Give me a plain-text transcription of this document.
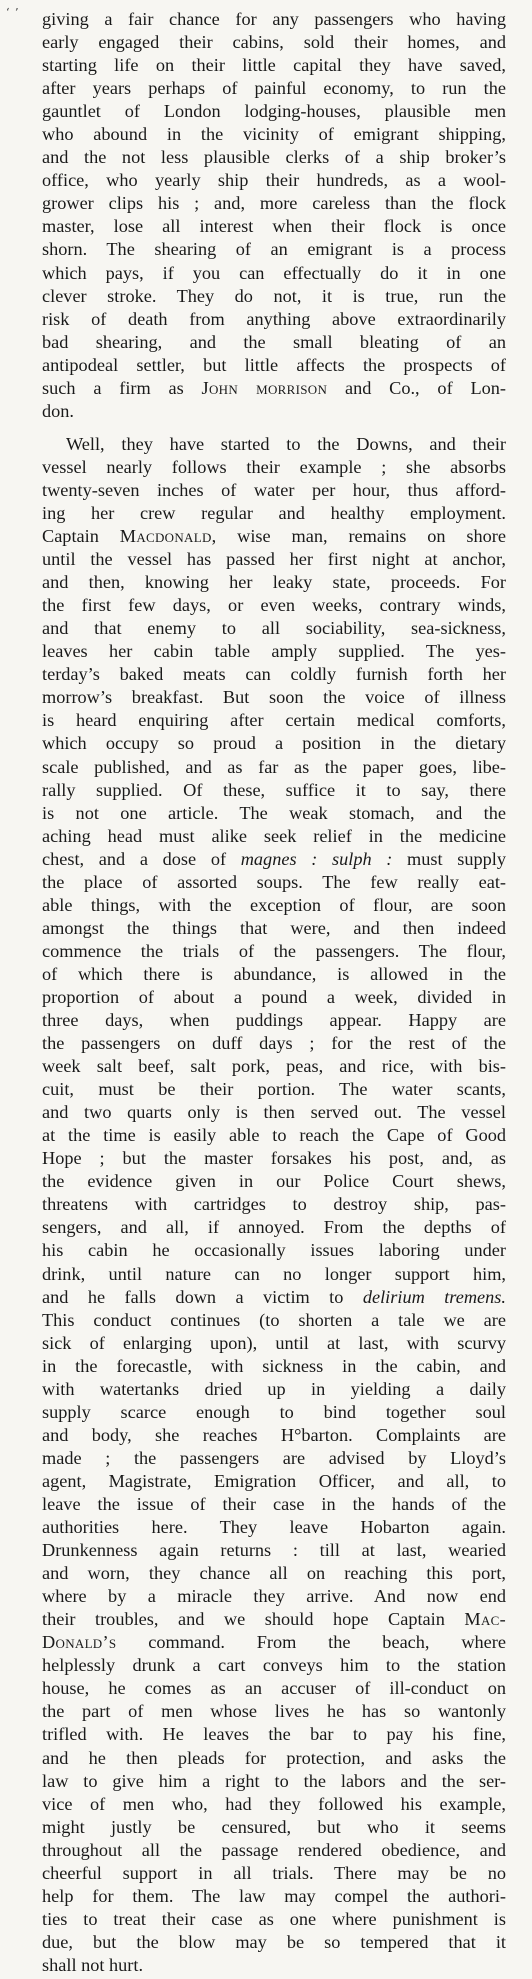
‘ ’ giving a fair chance for any passengers who having
early engaged their cabins, sold their homes, and
starting life on their little capital they have saved,
after years perhaps of painful economy, to run the
gauntlet of London lodging-houses, plausible men
who abound in the vicinity of emigrant shipping,
and the not less plausible clerks of a ship broker’s
office, who yearly ship their hundreds, as a wool-
grower clips his ; and, more careless than the flock
master, lose all interest when their flock is once
shorn. The shearing of an emigrant is a process
which pays, if you can effectually do it in one
clever stroke. They do not, it is true, run the
risk of death from anything above extraordinarily
bad shearing, and the small bleating of an
antipodeal settler, but little affects the prospects of
such a firm as John morrison and Co., of Lon-
don.
Well, they have started to the Downs, and their
vessel nearly follows their example ; she absorbs
twenty-seven inches of water per hour, thus afford-
ing her crew regular and healthy employment.
Captain Macdonald, wise man, remains on shore
until the vessel has passed her first night at anchor,
and then, knowing her leaky state, proceeds. For
the first few days, or even weeks, contrary winds,
and that enemy to all sociability, sea-sickness,
leaves her cabin table amply supplied. The yes-
terday’s baked meats can coldly furnish forth her
morrow’s breakfast. But soon the voice of illness
is heard enquiring after certain medical comforts,
which occupy so proud a position in the dietary
scale published, and as far as the paper goes, libe-
rally supplied. Of these, suffice it to say, there
is not one article. The weak stomach, and the
aching head must alike seek relief in the medicine
chest, and a dose of magnes : sulph : must supply
the place of assorted soups. The few really eat-
able things, with the exception of flour, are soon
amongst the things that were, and then indeed
commence the trials of the passengers. The flour,
of which there is abundance, is allowed in the
proportion of about a pound a week, divided in
three days, when puddings appear. Happy are
the passengers on duff days ; for the rest of the
week salt beef, salt pork, peas, and rice, with bis-
cuit, must be their portion. The water scants,
and two quarts only is then served out. The vessel
at the time is easily able to reach the Cape of Good
Hope ; but the master forsakes his post, and, as
the evidence given in our Police Court shews,
threatens with cartridges to destroy ship, pas-
sengers, and all, if annoyed. From the depths of
his cabin he occasionally issues laboring under
drink, until nature can no longer support him,
and he falls down a victim to delirium tremens.
This conduct continues (to shorten a tale we are
sick of enlarging upon), until at last, with scurvy
in the forecastle, with sickness in the cabin, and
with watertanks dried up in yielding a daily
supply scarce enough to bind together soul
and body, she reaches H°barton. Complaints are
made ; the passengers are advised by Lloyd’s
agent, Magistrate, Emigration Officer, and all, to
leave the issue of their case in the hands of the
authorities here. They leave Hobarton again.
Drunkenness again returns : till at last, wearied
and worn, they chance all on reaching this port,
where by a miracle they arrive. And now end
their troubles, and we should hope Captain Mac-
Donald’s command. From the beach, where
helplessly drunk a cart conveys him to the station
house, he comes as an accuser of ill-conduct on
the part of men whose lives he has so wantonly
trifled with. He leaves the bar to pay his fine,
and he then pleads for protection, and asks the
law to give him a right to the labors and the ser-
vice of men who, had they followed his example,
might justly be censured, but who it seems
throughout all the passage rendered obedience, and
cheerful support in all trials. There may be no
help for them. The law may compel the authori-
ties to treat their case as one where punishment is
due, but the blow may be so tempered that it
shall not hurt.
